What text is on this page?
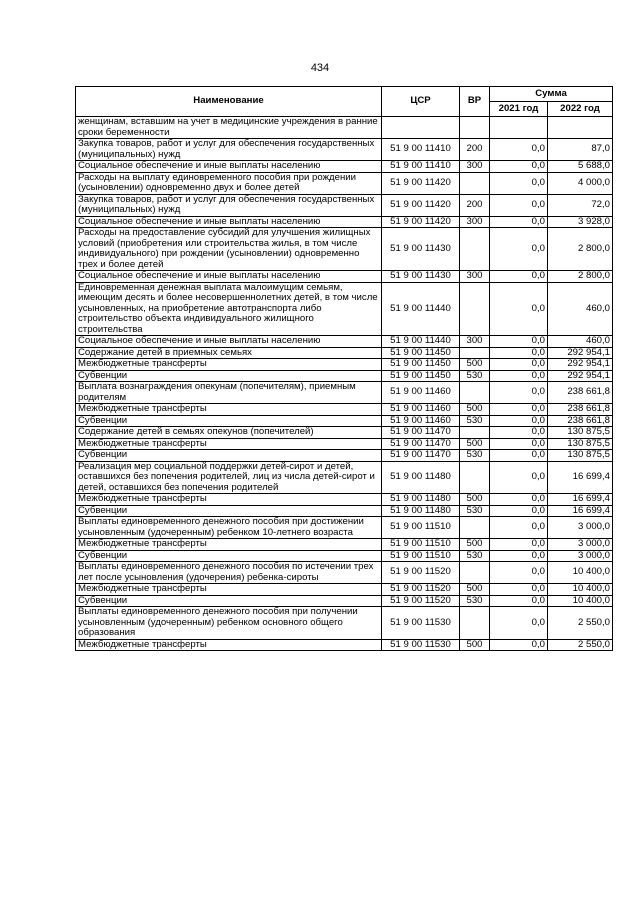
434
Наименование	ЦСР	ВР	Сумма	
			2021 год	2022 год
женщинам, вставшим на учет в медицинские учреждения в ранние сроки беременности				
Закупка товаров, работ и услуг для обеспечения государственных (муниципальных) нужд	51 9 00 11410	200	0,0	87,0
Социальное обеспечение и иные выплаты населению	51 9 00 11410	300	0,0	5 688,0
Расходы на выплату единовременного пособия при рождении (усыновлении) одновременно двух и более детей	51 9 00 11420		0,0	4 000,0
Закупка товаров, работ и услуг для обеспечения государственных (муниципальных) нужд	51 9 00 11420	200	0,0	72,0
Социальное обеспечение и иные выплаты населению	51 9 00 11420	300	0,0	3 928,0
Расходы на предоставление субсидий для улучшения жилищных условий (приобретения или строительства жилья, в том числе индивидуального) при рождении (усыновлении) одновременно трех и более детей	51 9 00 11430		0,0	2 800,0
Социальное обеспечение и иные выплаты населению	51 9 00 11430	300	0,0	2 800,0
Единовременная денежная выплата малоимущим семьям, имеющим десять и более несовершеннолетних детей, в том числе усыновленных, на приобретение автотранспорта либо строительство объекта индивидуального жилищного строительства	51 9 00 11440		0,0	460,0
Социальное обеспечение и иные выплаты населению	51 9 00 11440	300	0,0	460,0
Содержание детей в приемных семьях	51 9 00 11450		0,0	292 954,1
Межбюджетные трансферты	51 9 00 11450	500	0,0	292 954,1
Субвенции	51 9 00 11450	530	0,0	292 954,1
Выплата вознаграждения опекунам (попечителям), приемным родителям	51 9 00 11460		0,0	238 661,8
Межбюджетные трансферты	51 9 00 11460	500	0,0	238 661,8
Субвенции	51 9 00 11460	530	0,0	238 661,8
Содержание детей в семьях опекунов (попечителей)	51 9 00 11470		0,0	130 875,5
Межбюджетные трансферты	51 9 00 11470	500	0,0	130 875,5
Субвенции	51 9 00 11470	530	0,0	130 875,5
Реализация мер социальной поддержки детей-сирот и детей, оставшихся без попечения родителей, лиц из числа детей-сирот и детей, оставшихся без попечения родителей	51 9 00 11480		0,0	16 699,4
Межбюджетные трансферты	51 9 00 11480	500	0,0	16 699,4
Субвенции	51 9 00 11480	530	0,0	16 699,4
Выплаты единовременного денежного пособия при достижении усыновленным (удочеренным) ребенком 10-летнего возраста	51 9 00 11510		0,0	3 000,0
Межбюджетные трансферты	51 9 00 11510	500	0,0	3 000,0
Субвенции	51 9 00 11510	530	0,0	3 000,0
Выплаты единовременного денежного пособия по истечении трех лет после усыновления (удочерения) ребенка-сироты	51 9 00 11520		0,0	10 400,0
Межбюджетные трансферты	51 9 00 11520	500	0,0	10 400,0
Субвенции	51 9 00 11520	530	0,0	10 400,0
Выплаты единовременного денежного пособия при получении усыновленным (удочеренным) ребенком основного общего образования	51 9 00 11530		0,0	2 550,0
Межбюджетные трансферты	51 9 00 11530	500	0,0	2 550,0
